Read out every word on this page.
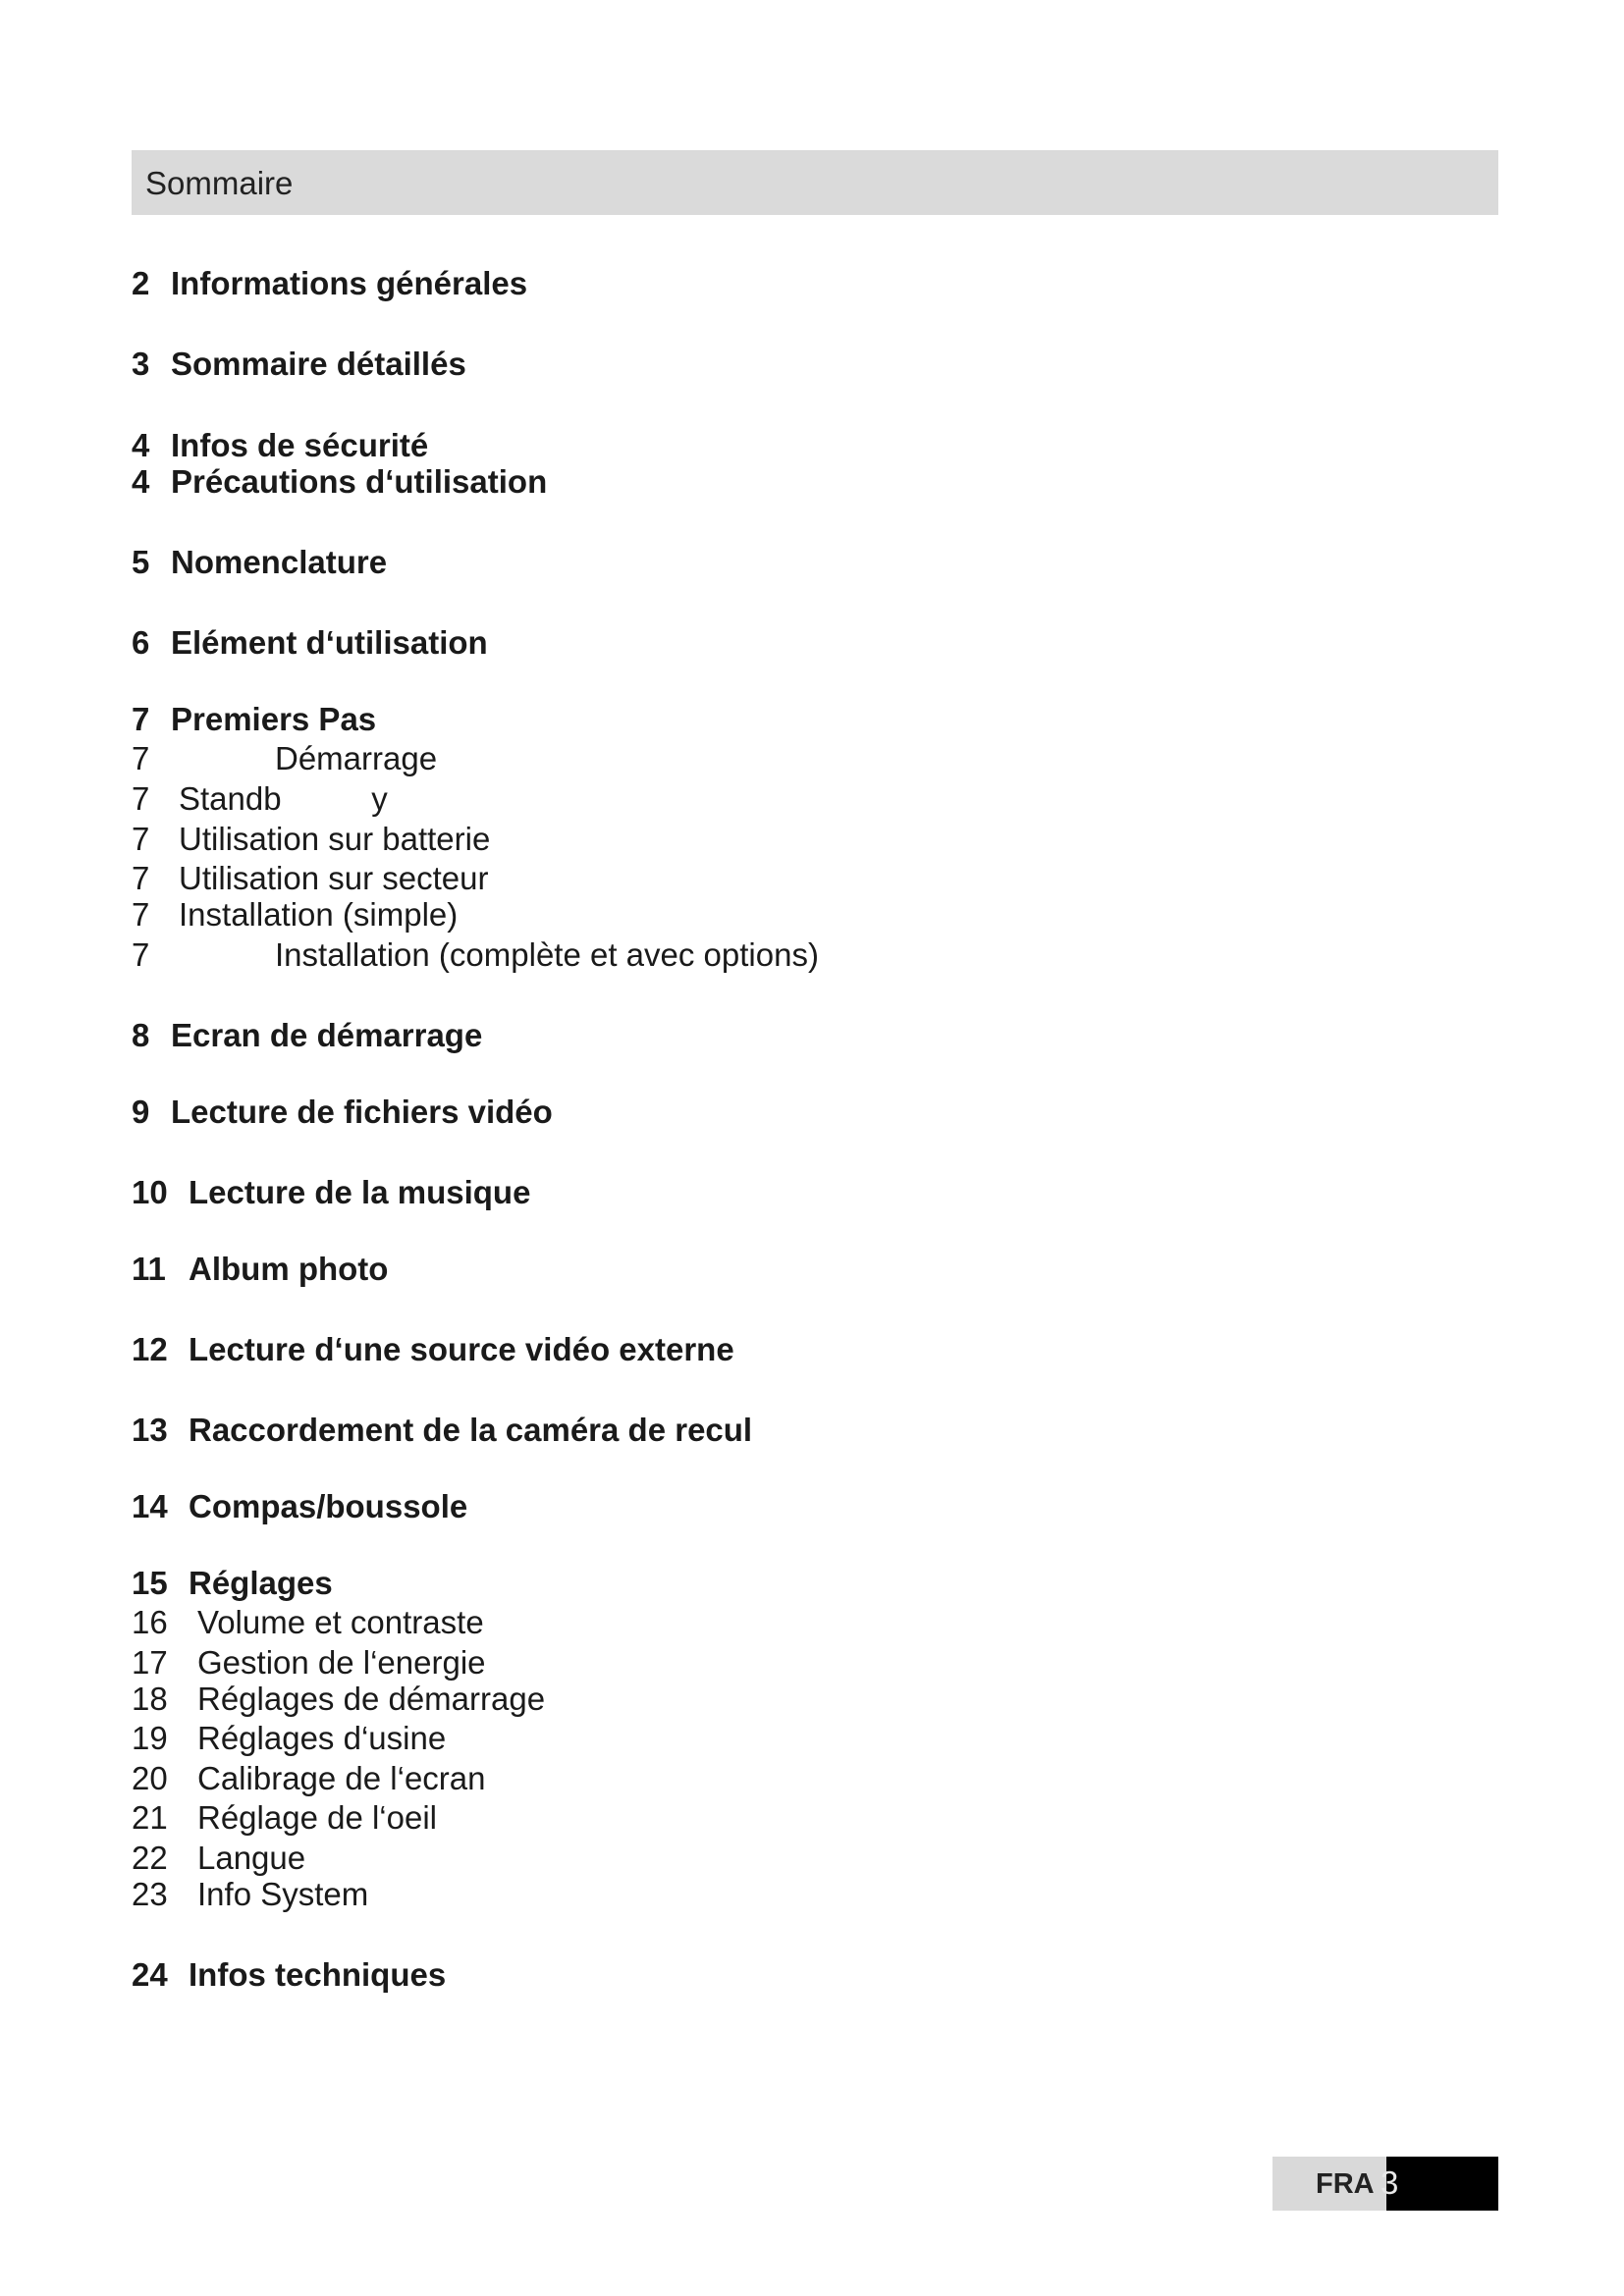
Sommaire
2 Informations générales
3 Sommaire détaillés
4 Infos de sécurité
4 Précautions d‘utilisation
5 Nomenclature
6 Elément d‘utilisation
7 Premiers Pas
7	Démarrage
7 Standb          y
7 Utilisation sur batterie
7 Utilisation sur secteur
7 Installation (simple)
7	Installation (complète et avec options)
8 Ecran de démarrage
9 Lecture de fichiers vidéo
10 Lecture de la musique
11 Album photo
12 Lecture d‘une source vidéo externe
13 Raccordement de la caméra de recul
14 Compas/boussole
15 Réglages
16 Volume et contraste
17 Gestion de l‘energie
18 Réglages de démarrage
19 Réglages d‘usine
20 Calibrage de l‘ecran
21 Réglage de l‘oeil
22 Langue
23 Info System
24 Infos techniques
FRA 3
